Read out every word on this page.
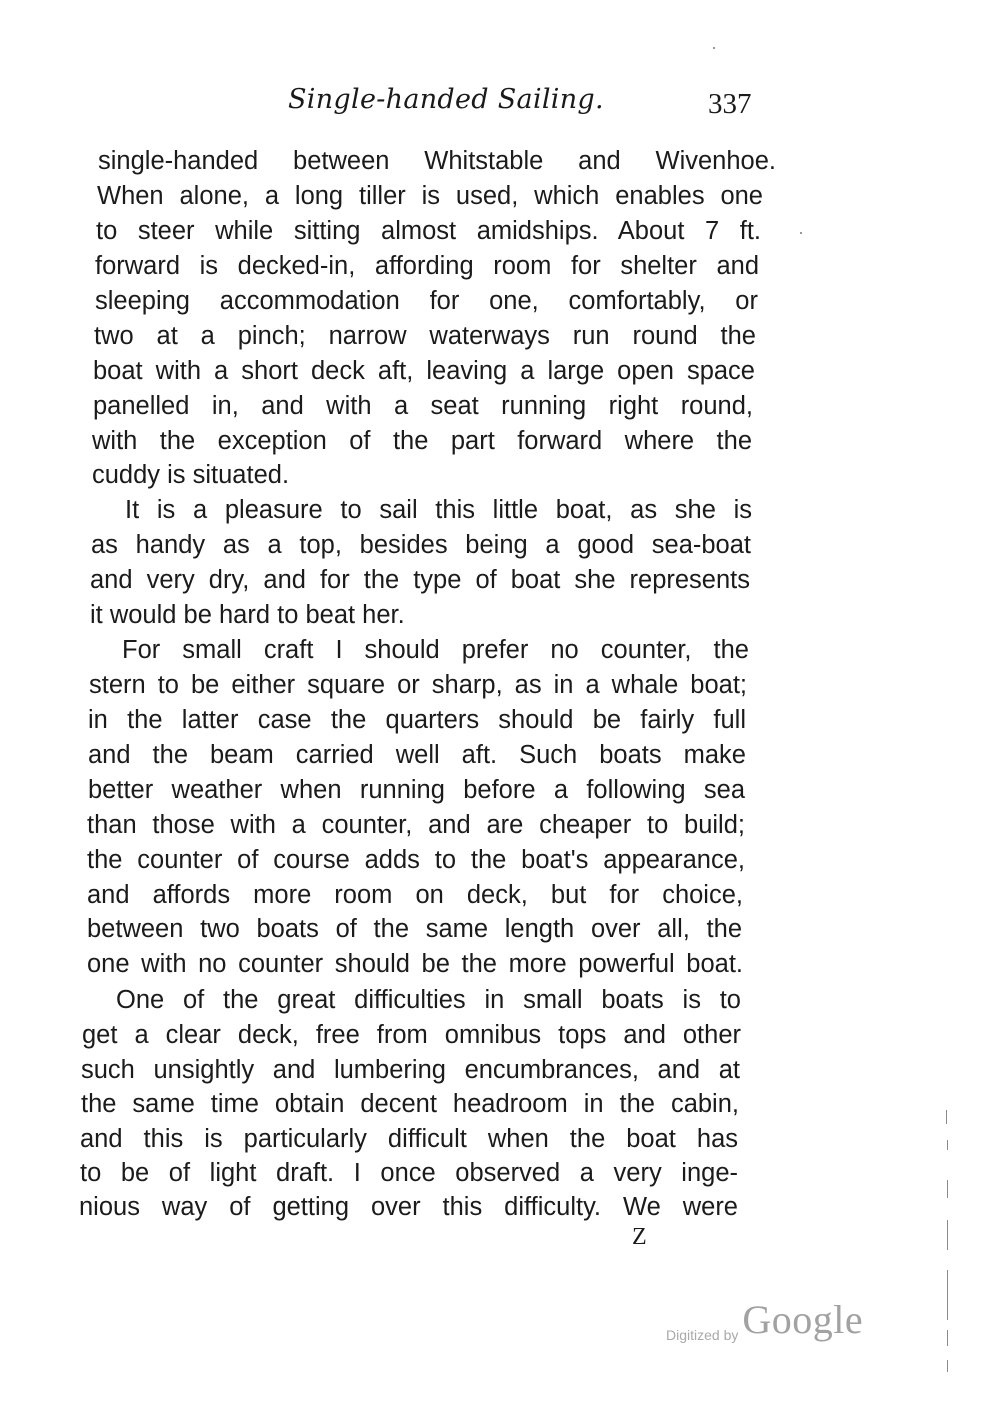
Single-handed Sailing.	337
single-handed between Whitstable and Wivenhoe.
When alone, a long tiller is used, which enables one
to steer while sitting almost amidships. About 7 ft.
forward is decked-in, affording room for shelter and
sleeping accommodation for one, comfortably, or
two at a pinch; narrow waterways run round the
boat with a short deck aft, leaving a large open space
panelled in, and with a seat running right round,
with the exception of the part forward where the
cuddy is situated.
It is a pleasure to sail this little boat, as she is
as handy as a top, besides being a good sea-boat
and very dry, and for the type of boat she represents
it would be hard to beat her.
For small craft I should prefer no counter, the
stern to be either square or sharp, as in a whale boat;
in the latter case the quarters should be fairly full
and the beam carried well aft. Such boats make
better weather when running before a following sea
than those with a counter, and are cheaper to build;
the counter of course adds to the boat's appearance,
and affords more room on deck, but for choice,
between two boats of the same length over all, the
one with no counter should be the more powerful boat.
One of the great difficulties in small boats is to
get a clear deck, free from omnibus tops and other
such unsightly and lumbering encumbrances, and at
the same time obtain decent headroom in the cabin,
and this is particularly difficult when the boat has
to be of light draft. I once observed a very inge-
nious way of getting over this difficulty. We were
Z
Digitized by Google
